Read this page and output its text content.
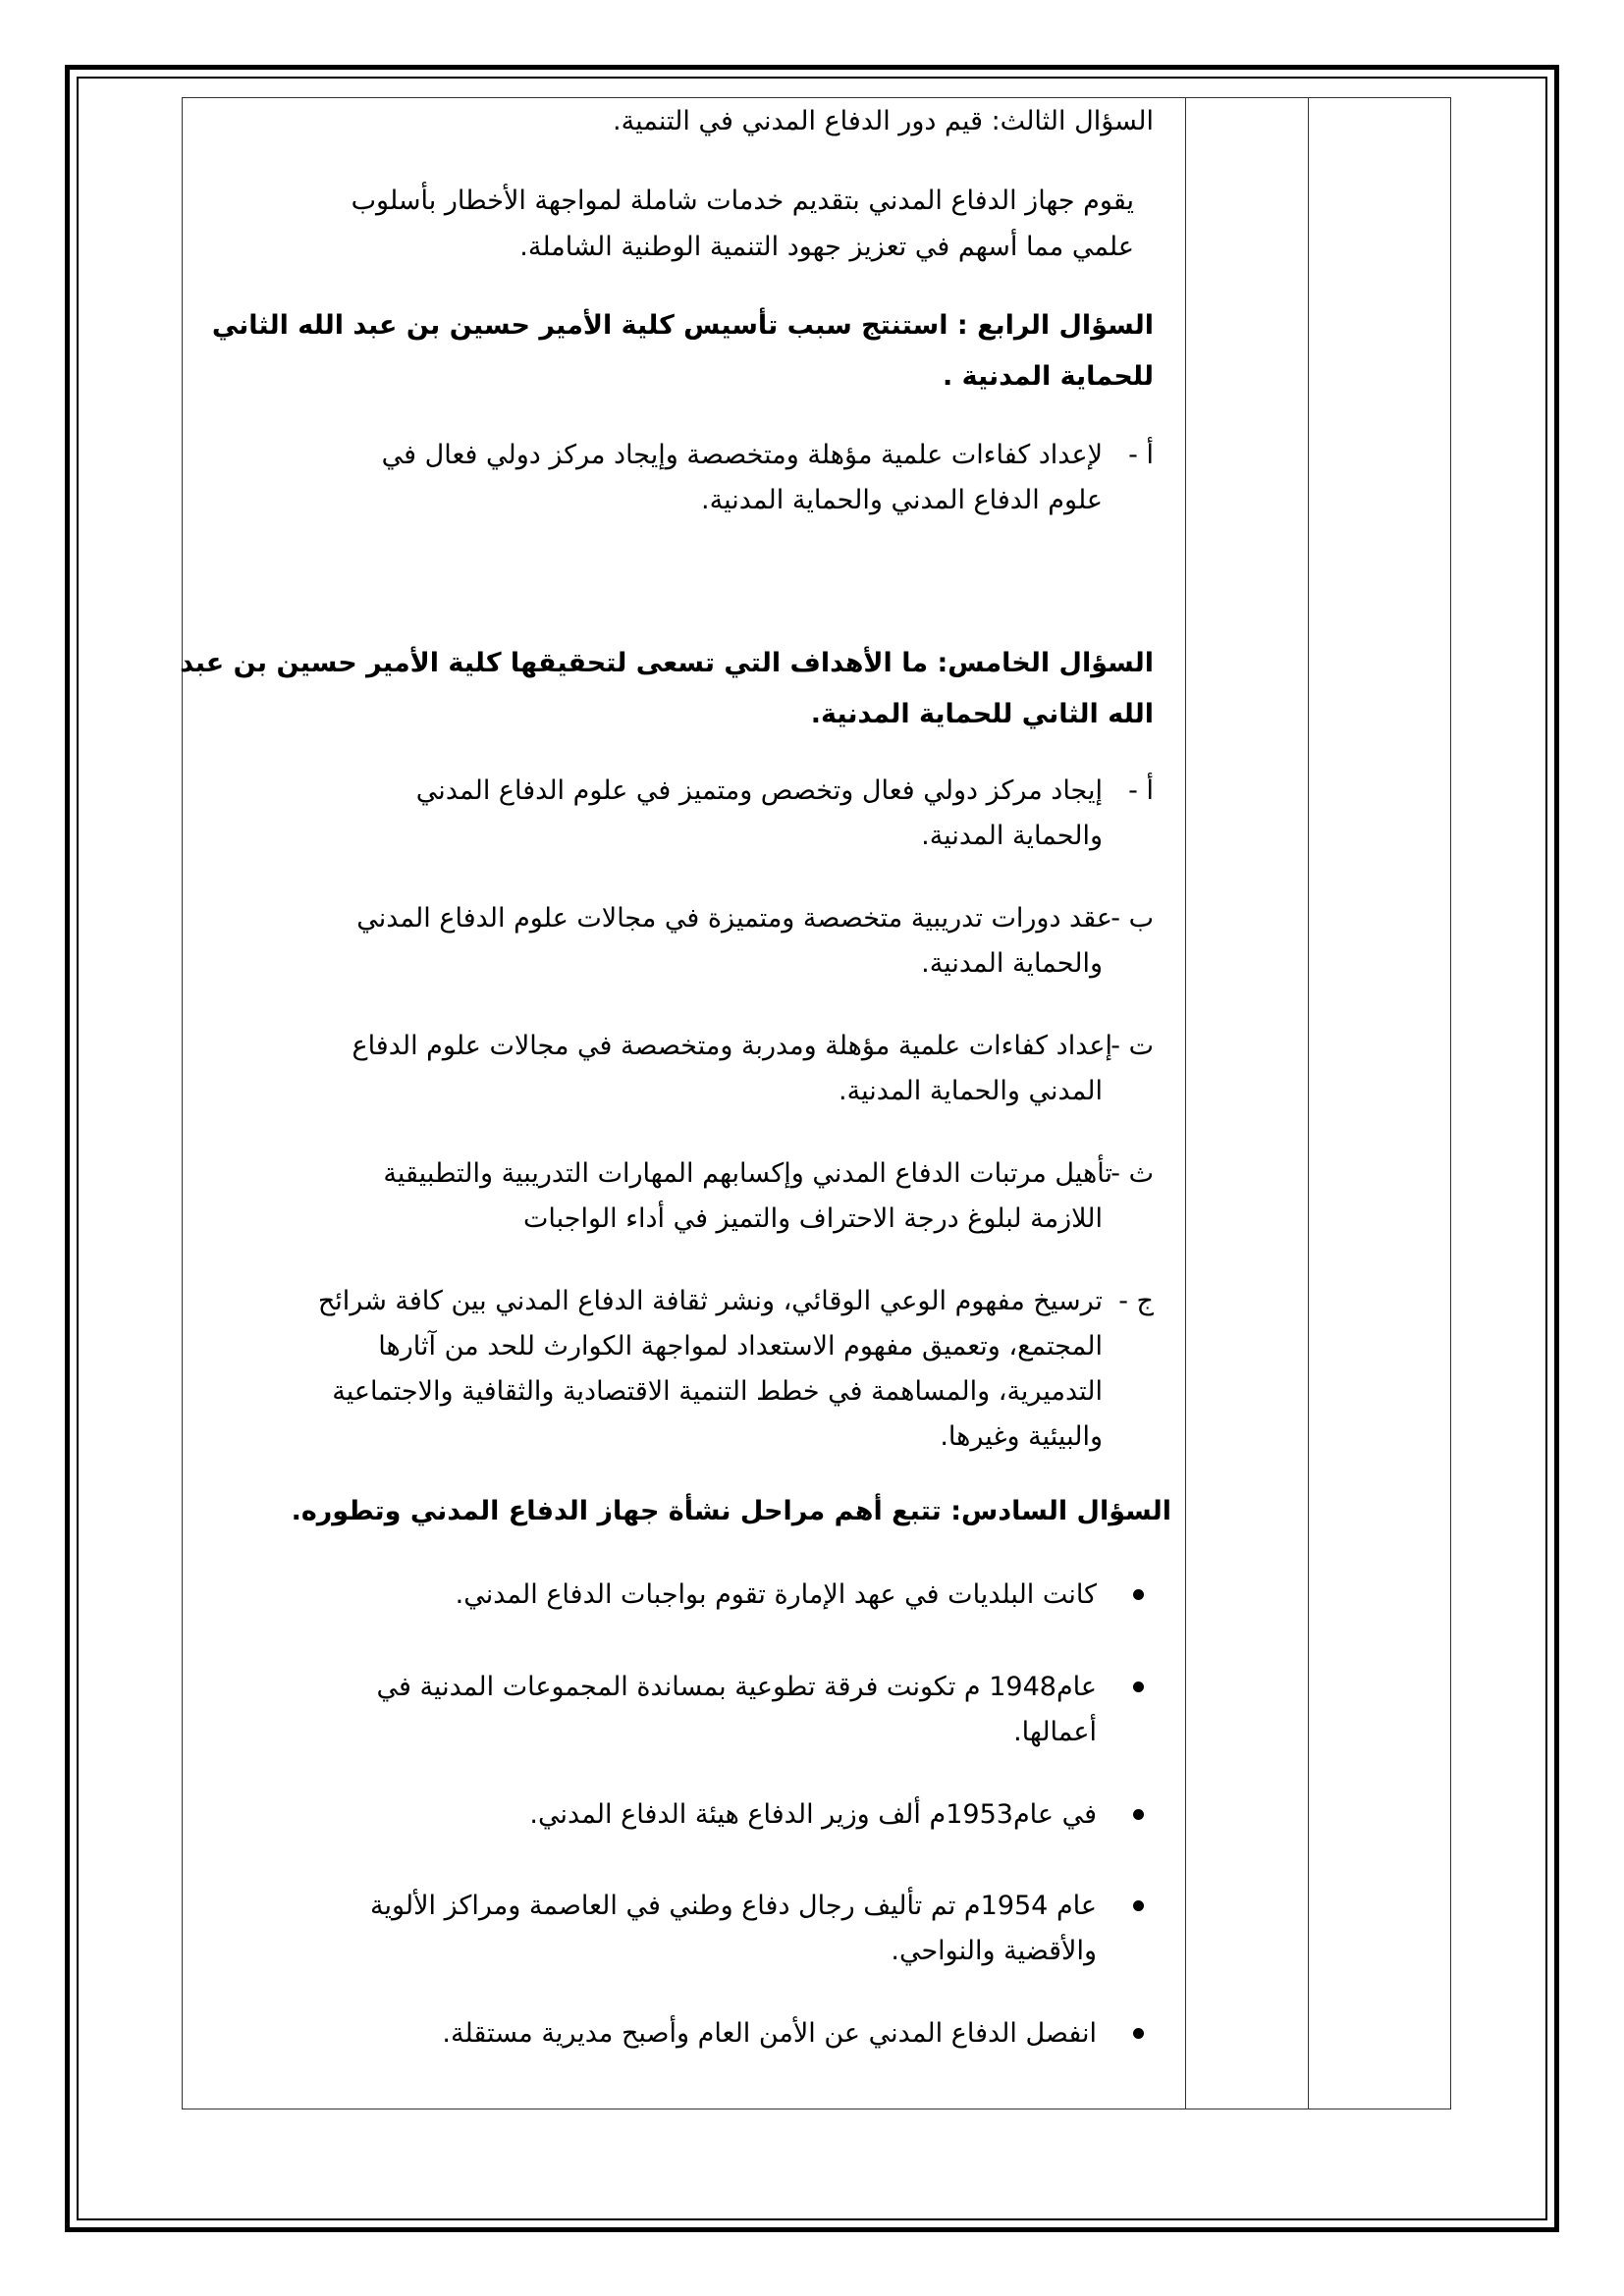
السؤال الثالث: قيم دور الدفاع المدني في التنمية.

يقوم جهاز الدفاع المدني بتقديم خدمات شاملة لمواجهة الأخطار بأسلوب

علمي مما أسهم في تعزيز جهود التنمية الوطنية الشاملة.

السؤال الرابع : استنتج سبب تأسيس كلية الأمير حسين بن عبد الله الثاني

للحماية المدنية .

أ -
لإعداد كفاءات علمية مؤهلة ومتخصصة وإيجاد مركز دولي فعال في
علوم الدفاع المدني والحماية المدنية.

السؤال الخامس: ما الأهداف التي تسعى لتحقيقها كلية الأمير حسين بن عبد

الله الثاني للحماية المدنية.

أ -
إيجاد مركز دولي فعال وتخصص ومتميز في علوم الدفاع المدني
والحماية المدنية.
ب -
عقد دورات تدريبية متخصصة ومتميزة في مجالات علوم الدفاع المدني
والحماية المدنية.
ت -
إعداد كفاءات علمية مؤهلة ومدربة ومتخصصة في مجالات علوم الدفاع
المدني والحماية المدنية.
ث -
تأهيل مرتبات الدفاع المدني وإكسابهم المهارات التدريبية والتطبيقية
اللازمة لبلوغ درجة الاحتراف والتميز في أداء الواجبات
ج -
ترسيخ مفهوم الوعي الوقائي، ونشر ثقافة الدفاع المدني بين كافة شرائح
المجتمع، وتعميق مفهوم الاستعداد لمواجهة الكوارث للحد من آثارها
التدميرية، والمساهمة في خطط التنمية الاقتصادية والثقافية والاجتماعية
والبيئية وغيرها.

السؤال السادس: تتبع أهم مراحل نشأة جهاز الدفاع المدني وتطوره.

كانت البلديات في عهد الإمارة تقوم بواجبات الدفاع المدني.
عام1948 م تكونت فرقة تطوعية بمساندة المجموعات المدنية في
أعمالها.
في عام1953م ألف وزير الدفاع هيئة الدفاع المدني.
عام 1954م تم تأليف رجال دفاع وطني في العاصمة ومراكز الألوية
والأقضية والنواحي.
انفصل الدفاع المدني عن الأمن العام وأصبح مديرية مستقلة.
